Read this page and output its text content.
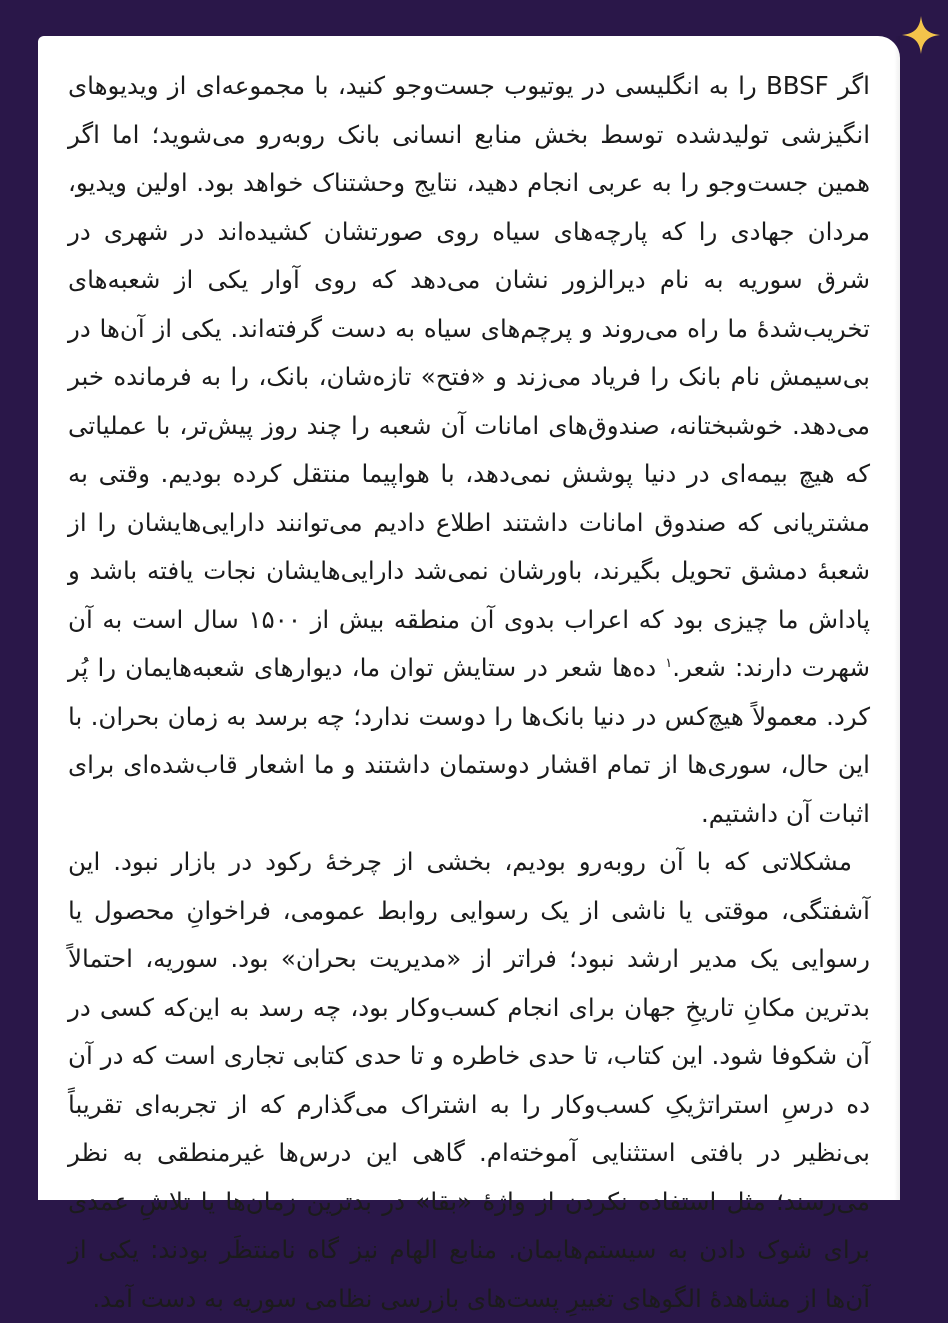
اگر BBSF را به انگلیسی در یوتیوب جست‌وجو کنید، با مجموعه‌ای از ویدیوهای انگیزشی تولیدشده توسط بخش منابع انسانی بانک روبه‌رو می‌شوید؛ اما اگر همین جست‌وجو را به عربی انجام دهید، نتایج وحشتناک خواهد بود. اولین ویدیو، مردان جهادی را که پارچه‌های سیاه روی صورتشان کشیده‌اند در شهری در شرق سوریه به نام دیرالزور نشان می‌دهد که روی آوار یکی از شعبه‌های تخریب‌شدهٔ ما راه می‌روند و پرچم‌های سیاه به دست گرفته‌اند. یکی از آن‌ها در بی‌سیمش نام بانک را فریاد می‌زند و «فتح» تازه‌شان، بانک، را به فرمانده خبر می‌دهد. خوشبختانه، صندوق‌های امانات آن شعبه را چند روز پیش‌تر، با عملیاتی که هیچ بیمه‌ای در دنیا پوشش نمی‌دهد، با هواپیما منتقل کرده بودیم. وقتی به مشتریانی که صندوق امانات داشتند اطلاع دادیم می‌توانند دارایی‌هایشان را از شعبهٔ دمشق تحویل بگیرند، باورشان نمی‌شد دارایی‌هایشان نجات یافته باشد و پاداش ما چیزی بود که اعراب بدوی آن منطقه بیش از ۱۵۰۰ سال است به آن شهرت دارند: شعر.$^۱$ ده‌ها شعر در ستایش توان ما، دیوارهای شعبه‌هایمان را پُر کرد. معمولاً هیچ‌کس در دنیا بانک‌ها را دوست ندارد؛ چه برسد به زمان بحران. با این حال، سوری‌ها از تمام اقشار دوستمان داشتند و ما اشعار قاب‌شده‌ای برای اثبات آن داشتیم.

مشکلاتی که با آن روبه‌رو بودیم، بخشی از چرخهٔ رکود در بازار نبود. این آشفتگی، موقتی یا ناشی از یک رسوایی روابط عمومی، فراخوانِ محصول یا رسوایی یک مدیر ارشد نبود؛ فراتر از «مدیریت بحران» بود. سوریه، احتمالاً بدترین مکانِ تاریخِ جهان برای انجام کسب‌وکار بود، چه رسد به این‌که کسی در آن شکوفا شود. این کتاب، تا حدی خاطره و تا حدی کتابی تجاری است که در آن ده درسِ استراتژیکِ کسب‌وکار را به اشتراک می‌گذارم که از تجربه‌ای تقریباً بی‌نظیر در بافتی استثنایی آموخته‌ام. گاهی این درس‌ها غیرمنطقی به نظر می‌رسند؛ مثل استفاده نکردن از واژهٔ «بقا» در بدترین زمان‌ها یا تلاشِ عمدی برای شوک دادن به سیستم‌هایمان. منابع الهام نیز گاه نامنتظَر بودند: یکی از آن‌ها از مشاهدهٔ الگوهای تغییرِ پست‌های بازرسی نظامی سوریه به دست آمد.
